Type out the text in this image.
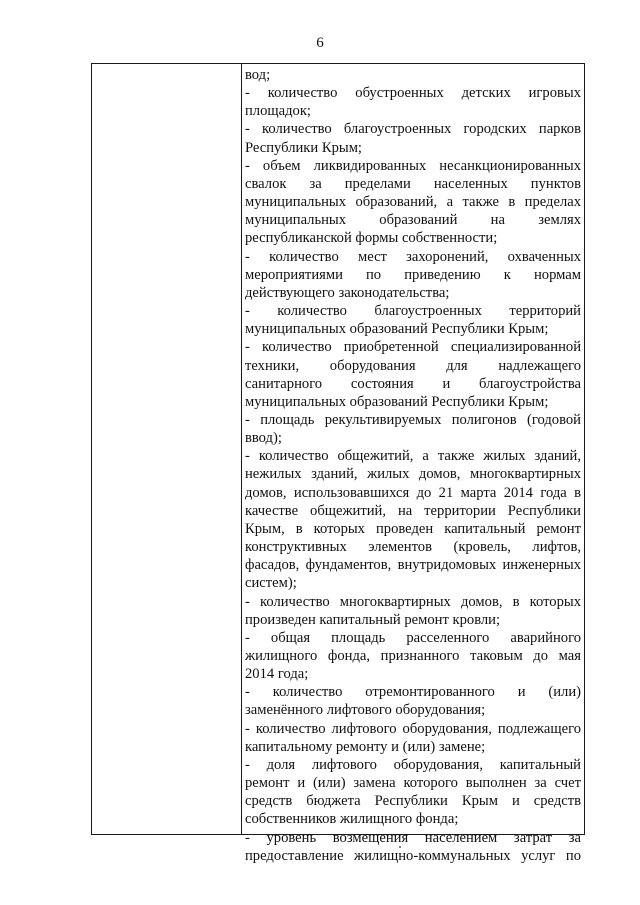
6
вод;
- количество обустроенных детских игровых
площадок;
- количество благоустроенных городских парков
Республики Крым;
- объем ликвидированных несанкционированных
свалок за пределами населенных пунктов
муниципальных образований, а также в пределах
муниципальных образований на землях
республиканской формы собственности;
- количество мест захоронений, охваченных
мероприятиями по приведению к нормам
действующего законодательства;
- количество благоустроенных территорий
муниципальных образований Республики Крым;
- количество приобретенной специализированной
техники, оборудования для надлежащего
санитарного состояния и благоустройства
муниципальных образований Республики Крым;
- площадь рекультивируемых полигонов (годовой
ввод);
- количество общежитий, а также жилых зданий,
нежилых зданий, жилых домов, многоквартирных
домов, использовавшихся до 21 марта 2014 года в
качестве общежитий, на территории Республики
Крым, в которых проведен капитальный ремонт
конструктивных элементов (кровель, лифтов,
фасадов, фундаментов, внутридомовых инженерных
систем);
- количество многоквартирных домов, в которых
произведен капитальный ремонт кровли;
- общая площадь расселенного аварийного
жилищного фонда, признанного таковым до мая
2014 года;
- количество отремонтированного и (или)
заменённого лифтового оборудования;
- количество лифтового оборудования, подлежащего
капитальному ремонту и (или) замене;
- доля лифтового оборудования, капитальный
ремонт и (или) замена которого выполнен за счет
средств бюджета Республики Крым и средств
собственников жилищного фонда;
- уровень возмещения населением затрат за
предоставление жилищно-коммунальных услуг по
